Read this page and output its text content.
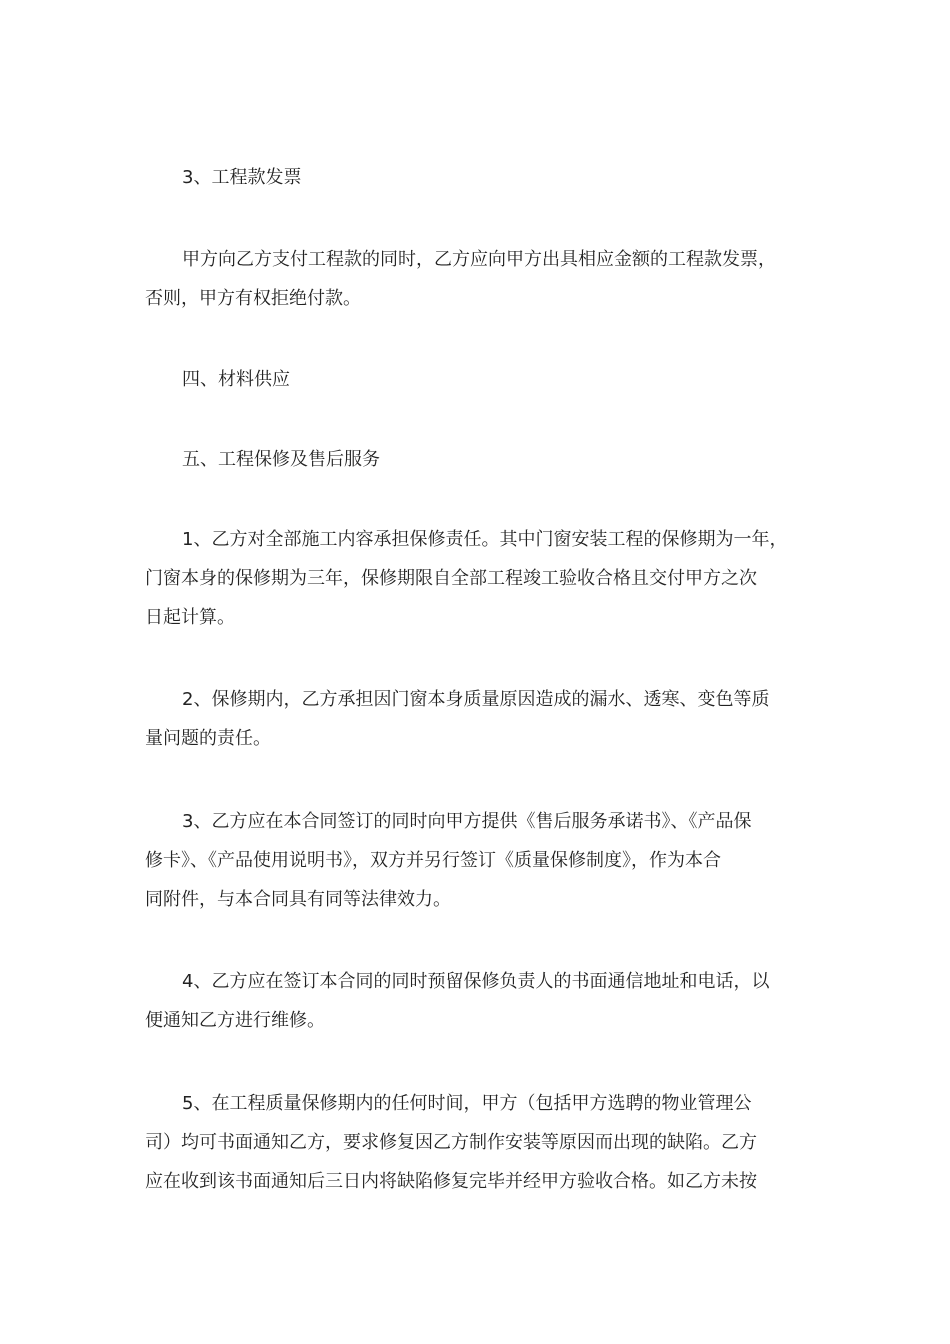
3、工程款发票

甲方向乙方支付工程款的同时，乙方应向甲方出具相应金额的工程款发票，
否则，甲方有权拒绝付款。

四、材料供应

五、工程保修及售后服务

1、乙方对全部施工内容承担保修责任。其中门窗安装工程的保修期为一年，
门窗本身的保修期为三年，保修期限自全部工程竣工验收合格且交付甲方之次
日起计算。

2、保修期内，乙方承担因门窗本身质量原因造成的漏水、透寒、变色等质
量问题的责任。

3、乙方应在本合同签订的同时向甲方提供《售后服务承诺书》、《产品保
修卡》、《产品使用说明书》，双方并另行签订《质量保修制度》，作为本合
同附件，与本合同具有同等法律效力。

4、乙方应在签订本合同的同时预留保修负责人的书面通信地址和电话，以
便通知乙方进行维修。

5、在工程质量保修期内的任何时间，甲方（包括甲方选聘的物业管理公
司）均可书面通知乙方，要求修复因乙方制作安装等原因而出现的缺陷。乙方
应在收到该书面通知后三日内将缺陷修复完毕并经甲方验收合格。如乙方未按
